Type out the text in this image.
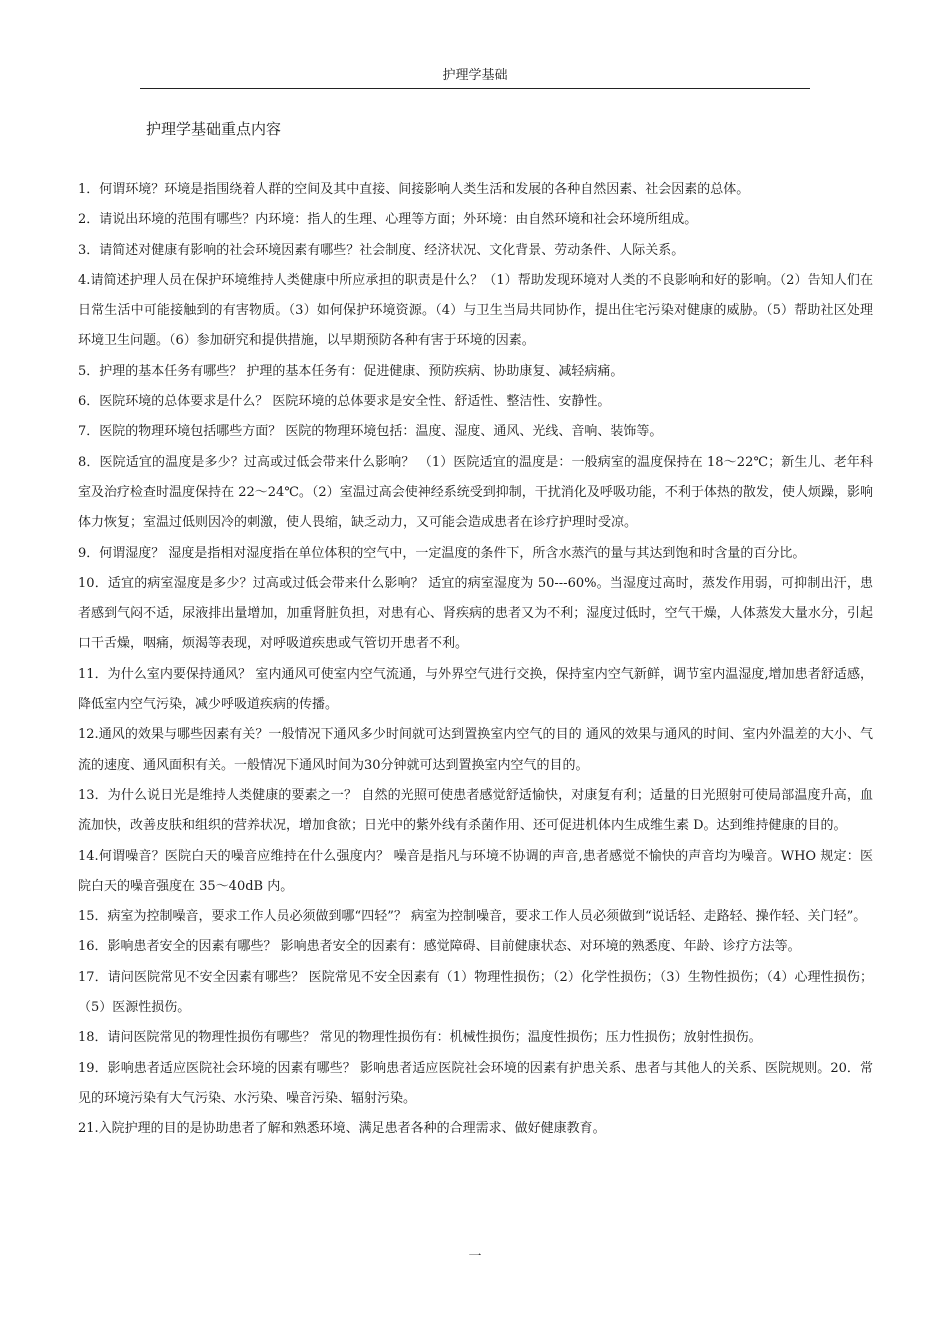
护理学基础
护理学基础重点内容

1．何谓环境？环境是指围绕着人群的空间及其中直接、间接影响人类生活和发展的各种自然因素、社会因素的总体。

2．请说出环境的范围有哪些？内环境：指人的生理、心理等方面；外环境：由自然环境和社会环境所组成。

3．请简述对健康有影响的社会环境因素有哪些？社会制度、经济状况、文化背景、劳动条件、人际关系。

4.请简述护理人员在保护环境维持人类健康中所应承担的职责是什么？（1）帮助发现环境对人类的不良影响和好的影响。（2）告知人们在日常生活中可能接触到的有害物质。（3）如何保护环境资源。（4）与卫生当局共同协作，提出住宅污染对健康的威胁。（5）帮助社区处理环境卫生问题。（6）参加研究和提供措施，以早期预防各种有害于环境的因素。

5．护理的基本任务有哪些？ 护理的基本任务有：促进健康、预防疾病、协助康复、减轻病痛。

6．医院环境的总体要求是什么？ 医院环境的总体要求是安全性、舒适性、整洁性、安静性。

7．医院的物理环境包括哪些方面？ 医院的物理环境包括：温度、湿度、通风、光线、音响、装饰等。

8．医院适宜的温度是多少？过高或过低会带来什么影响？ （1）医院适宜的温度是：一般病室的温度保持在 18～22℃；新生儿、老年科室及治疗检查时温度保持在 22～24℃。（2）室温过高会使神经系统受到抑制，干扰消化及呼吸功能，不利于体热的散发，使人烦躁，影响体力恢复；室温过低则因冷的刺激，使人畏缩，缺乏动力，又可能会造成患者在诊疗护理时受凉。

9．何谓湿度？ 湿度是指相对湿度指在单位体积的空气中，一定温度的条件下，所含水蒸汽的量与其达到饱和时含量的百分比。

10．适宜的病室湿度是多少？过高或过低会带来什么影响？ 适宜的病室湿度为 50---60%。当湿度过高时，蒸发作用弱，可抑制出汗，患者感到气闷不适，尿液排出量增加，加重肾脏负担，对患有心、肾疾病的患者又为不利；湿度过低时，空气干燥，人体蒸发大量水分，引起口干舌燥，咽痛，烦渴等表现，对呼吸道疾患或气管切开患者不利。

11．为什么室内要保持通风？ 室内通风可使室内空气流通，与外界空气进行交换，保持室内空气新鲜，调节室内温湿度,增加患者舒适感，降低室内空气污染，减少呼吸道疾病的传播。

12.通风的效果与哪些因素有关？一般情况下通风多少时间就可达到置换室内空气的目的 通风的效果与通风的时间、室内外温差的大小、气流的速度、通风面积有关。一般情况下通风时间为30分钟就可达到置换室内空气的目的。

13．为什么说日光是维持人类健康的要素之一？ 自然的光照可使患者感觉舒适愉快，对康复有利；适量的日光照射可使局部温度升高，血流加快，改善皮肤和组织的营养状况，增加食欲；日光中的紫外线有杀菌作用、还可促进机体内生成维生素 D。达到维持健康的目的。

14.何谓噪音？医院白天的噪音应维持在什么强度内？ 噪音是指凡与环境不协调的声音,患者感觉不愉快的声音均为噪音。WHO 规定：医院白天的噪音强度在 35～40dB 内。

15．病室为控制噪音，要求工作人员必须做到哪“四轻”？ 病室为控制噪音，要求工作人员必须做到“说话轻、走路轻、操作轻、关门轻”。

16．影响患者安全的因素有哪些？ 影响患者安全的因素有：感觉障碍、目前健康状态、对环境的熟悉度、年龄、诊疗方法等。

17．请问医院常见不安全因素有哪些？ 医院常见不安全因素有（1）物理性损伤；（2）化学性损伤；（3）生物性损伤；（4）心理性损伤；（5）医源性损伤。

18．请问医院常见的物理性损伤有哪些？ 常见的物理性损伤有：机械性损伤；温度性损伤；压力性损伤；放射性损伤。

19．影响患者适应医院社会环境的因素有哪些？ 影响患者适应医院社会环境的因素有护患关系、患者与其他人的关系、医院规则。20．常见的环境污染有大气污染、水污染、噪音污染、辐射污染。

21.入院护理的目的是协助患者了解和熟悉环境、满足患者各种的合理需求、做好健康教育。

一
